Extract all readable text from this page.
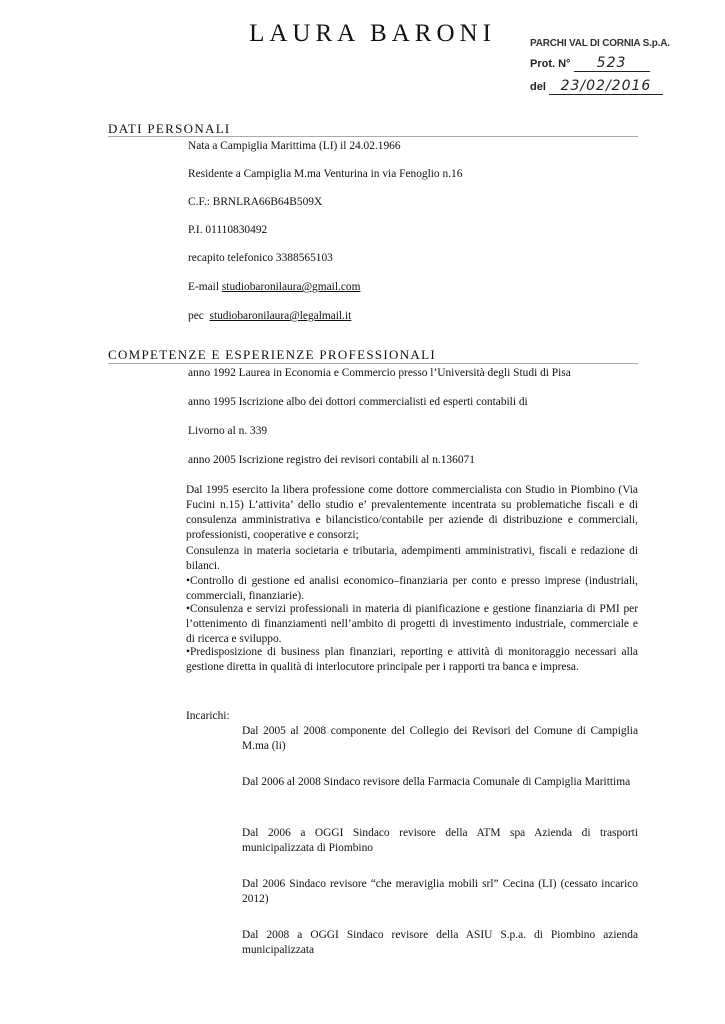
LAURA BARONI	PARCHI VAL DI CORNIA S.p.A.
Prot. N° 523
del 23/02/2016
DATI PERSONALI
Nata a Campiglia Marittima (LI) il 24.02.1966
Residente a Campiglia M.ma Venturina in via Fenoglio n.16
C.F.: BRNLRA66B64B509X
P.I. 01110830492
recapito telefonico 3388565103
E-mail studiobaronilaura@gmail.com
pec studiobaronilaura@legalmail.it
COMPETENZE E ESPERIENZE PROFESSIONALI
anno 1992 Laurea in Economia e Commercio presso l’Università degli Studi di Pisa
anno 1995 Iscrizione albo dei dottori commercialisti ed esperti contabili di
Livorno al n. 339
anno 2005 Iscrizione registro dei revisori contabili al n.136071
Dal 1995 esercito la libera professione come dottore commercialista con Studio in Piombino (Via Fucini n.15) L’attivita’ dello studio e’ prevalentemente incentrata su problematiche fiscali e di consulenza amministrativa e bilancistico/contabile per aziende di distribuzione e commerciali, professionisti, cooperative e consorzi;
Consulenza in materia societaria e tributaria, adempimenti amministrativi, fiscali e redazione di bilanci.
•Controllo di gestione ed analisi economico–finanziaria per conto e presso imprese (industriali, commerciali, finanziarie).
•Consulenza e servizi professionali in materia di pianificazione e gestione finanziaria di PMI per l’ottenimento di finanziamenti nell’ambito di progetti di investimento industriale, commerciale e di ricerca e sviluppo.
•Predisposizione di business plan finanziari, reporting e attività di monitoraggio necessari alla gestione diretta in qualità di interlocutore principale per i rapporti tra banca e impresa.
Incarichi:
Dal 2005 al 2008 componente del Collegio dei Revisori del Comune di Campiglia M.ma (li)
Dal 2006 al 2008 Sindaco revisore della Farmacia Comunale di Campiglia Marittima
Dal 2006 a OGGI Sindaco revisore della ATM spa Azienda di trasporti municipalizzata di Piombino
Dal 2006 Sindaco revisore “che meraviglia mobili srl” Cecina (LI) (cessato incarico 2012)
Dal 2008 a OGGI Sindaco revisore della ASIU S.p.a. di Piombino azienda municipalizzata
